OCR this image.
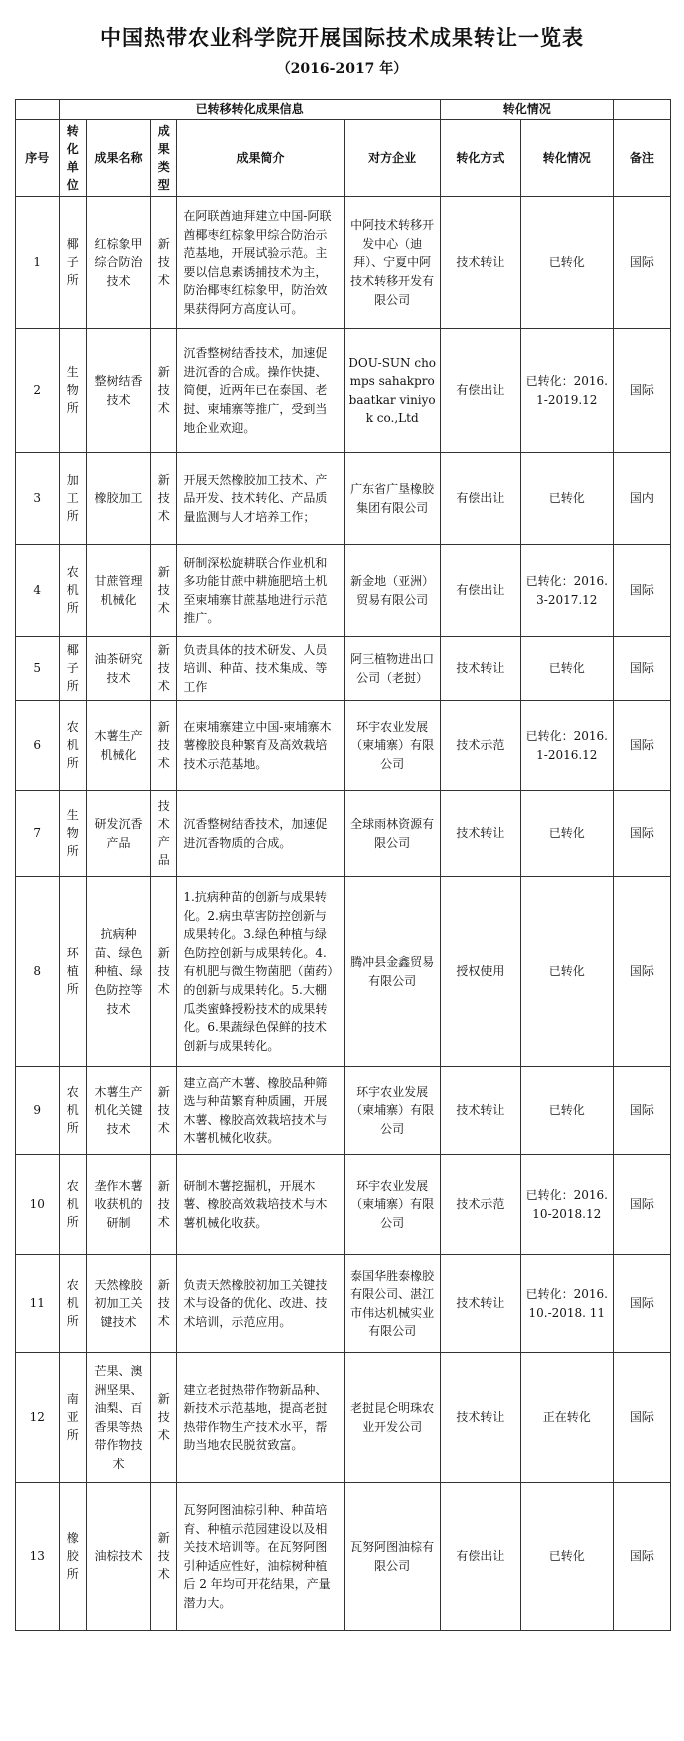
中国热带农业科学院开展国际技术成果转让一览表
（2016-2017 年）
	已转移转化成果信息					转化情况		
序号	转化单位	成果名称	成果类型	成果简介	对方企业	转化方式	转化情况	备注
1	椰子所	红棕象甲综合防治技术	新技术	在阿联酋迪拜建立中国-阿联酋椰枣红棕象甲综合防治示范基地，开展试验示范。主要以信息素诱捕技术为主，防治椰枣红棕象甲，防治效果获得阿方高度认可。	中阿技术转移开发中心（迪拜）、宁夏中阿技术转移开发有限公司	技术转让	已转化	国际
2	生物所	整树结香技术	新技术	沉香整树结香技术，加速促进沉香的合成。操作快捷、简便，近两年已在泰国、老挝、柬埔寨等推广，受到当地企业欢迎。	DOU-SUN chomps sahakprobaatkar viniyok co.,Ltd	有偿出让	已转化：2016.1-2019.12	国际
3	加工所	橡胶加工	新技术	开展天然橡胶加工技术、产品开发、技术转化、产品质量监测与人才培养工作；	广东省广垦橡胶集团有限公司	有偿出让	已转化	国内
4	农机所	甘蔗管理机械化	新技术	研制深松旋耕联合作业机和多功能甘蔗中耕施肥培土机至柬埔寨甘蔗基地进行示范推广。	新金地（亚洲）贸易有限公司	有偿出让	已转化：2016.3-2017.12	国际
5	椰子所	油茶研究技术	新技术	负责具体的技术研发、人员培训、种苗、技术集成、等工作	阿三植物进出口公司（老挝）	技术转让	已转化	国际
6	农机所	木薯生产机械化	新技术	在柬埔寨建立中国-柬埔寨木薯橡胶良种繁育及高效栽培技术示范基地。	环宇农业发展（柬埔寨）有限公司	技术示范	已转化：2016.1-2016.12	国际
7	生物所	研发沉香产品	技术产品	沉香整树结香技术，加速促进沉香物质的合成。	全球雨林资源有限公司	技术转让	已转化	国际
8	环植所	抗病种苗、绿色种植、绿色防控等技术	新技术	1.抗病种苗的创新与成果转化。2.病虫草害防控创新与成果转化。3.绿色种植与绿色防控创新与成果转化。4.有机肥与微生物菌肥（菌药）的创新与成果转化。5.大棚瓜类蜜蜂授粉技术的成果转化。6.果蔬绿色保鲜的技术创新与成果转化。	腾冲县金鑫贸易有限公司	授权使用	已转化	国际
9	农机所	木薯生产机化关键技术	新技术	建立高产木薯、橡胶品种筛选与种苗繁育种质圃，开展木薯、橡胶高效栽培技术与木薯机械化收获。	环宇农业发展（柬埔寨）有限公司	技术转让	已转化	国际
10	农机所	垄作木薯收获机的研制	新技术	研制木薯挖掘机，开展木薯、橡胶高效栽培技术与木薯机械化收获。	环宇农业发展（柬埔寨）有限公司	技术示范	已转化：2016.10-2018.12	国际
11	农机所	天然橡胶初加工关键技术	新技术	负责天然橡胶初加工关键技术与设备的优化、改进、技术培训，示范应用。	泰国华胜泰橡胶有限公司、湛江市伟达机械实业有限公司	技术转让	已转化：2016.10.-2018. 11	国际
12	南亚所	芒果、澳洲坚果、油梨、百香果等热带作物技术	新技术	建立老挝热带作物新品种、新技术示范基地，提高老挝热带作物生产技术水平，帮助当地农民脱贫致富。	老挝昆仑明珠农业开发公司	技术转让	正在转化	国际
13	橡胶所	油棕技术	新技术	瓦努阿图油棕引种、种苗培育、种植示范园建设以及相关技术培训等。在瓦努阿图引种适应性好，油棕树种植后 2 年均可开花结果，产量潜力大。	瓦努阿图油棕有限公司	有偿出让	已转化	国际
